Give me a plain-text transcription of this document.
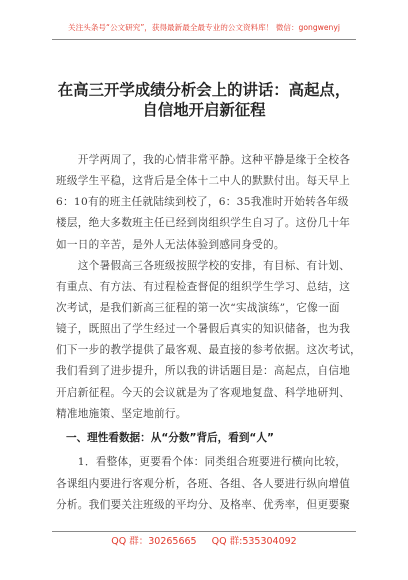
关注头条号“公文研究”，获得最新最全最专业的公文资料库！ 微信：gongwenyj
在高三开学成绩分析会上的讲话：高起点，
自信地开启新征程
　　开学两周了，我的心情非常平静。这种平静是缘于全校各
班级学生平稳，这背后是全体十二中人的默默付出。每天早上
6：10有的班主任就陆续到校了，6：35我准时开始转各年级
楼层，绝大多数班主任已经到岗组织学生自习了。这份几十年
如一日的辛苦，是外人无法体验到感同身受的。
　　这个暑假高三各班级按照学校的安排，有目标、有计划、
有重点、有方法、有过程检查督促的组织学生学习、总结，这
次考试，是我们新高三征程的第一次“实战演练”，它像一面
镜子，既照出了学生经过一个暑假后真实的知识储备，也为我
们下一步的教学提供了最客观、最直接的参考依据。这次考试，
我们看到了进步提升，所以我的讲话题目是：高起点，自信地
开启新征程。今天的会议就是为了客观地复盘、科学地研判、
精准地施策、坚定地前行。
一、理性看数据：从“分数”背后，看到“人”
　　1．看整体，更要看个体：同类组合班要进行横向比较，
各课组内要进行客观分析，各班、各组、各人要进行纵向增值
分析。我们要关注班级的平均分、及格率、优秀率，但更要聚
QQ 群：30265665 QQ 群:535304092
